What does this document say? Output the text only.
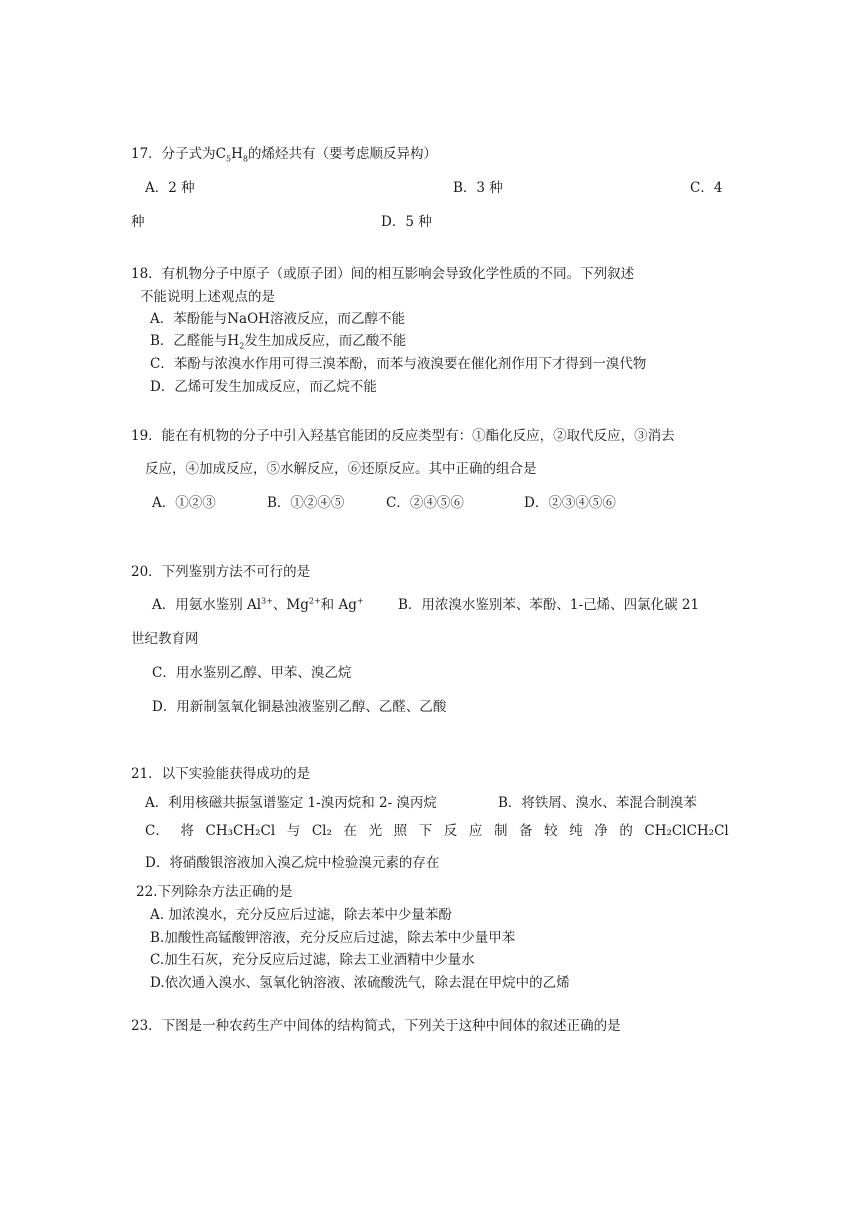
17．分子式为$C_5H_8$的烯烃共有（要考虑顺反异构）
A．2 种	B．3 种	C．4
种	D．5 种
18．有机物分子中原子（或原子团）间的相互影响会导致化学性质的不同。下列叙述
不能说明上述观点的是
A．苯酚能与NaOH溶液反应，而乙醇不能
B．乙醛能与$H_2$发生加成反应，而乙酸不能
C．苯酚与浓溴水作用可得三溴苯酚，而苯与液溴要在催化剂作用下才得到一溴代物
D．乙烯可发生加成反应，而乙烷不能
19．能在有机物的分子中引入羟基官能团的反应类型有：①酯化反应，②取代反应，③消去
反应，④加成反应，⑤水解反应，⑥还原反应。其中正确的组合是
A．①②③	B．①②④⑤	C．②④⑤⑥	D．②③④⑤⑥
20．下列鉴别方法不可行的是
A．用氨水鉴别 $Al^{3+}$、$Mg^{2+}$和 Ag+	B．用浓溴水鉴别苯、苯酚、1-己烯、四氯化碳 21
世纪教育网
C．用水鉴别乙醇、甲苯、溴乙烷
D．用新制氢氧化铜悬浊液鉴别乙醇、乙醛、乙酸
21．以下实验能获得成功的是
A．利用核磁共振氢谱鉴定 1-溴丙烷和 2- 溴丙烷	B．将铁屑、溴水、苯混合制溴苯
C． 将 CH₃CH₂Cl 与 Cl₂ 在 光 照 下 反 应 制 备 较 纯 净 的 CH₂ClCH₂Cl
D．将硝酸银溶液加入溴乙烷中检验溴元素的存在
22.下列除杂方法正确的是
A. 加浓溴水，充分反应后过滤，除去苯中少量苯酚
B.加酸性高锰酸钾溶液，充分反应后过滤，除去苯中少量甲苯
C.加生石灰，充分反应后过滤，除去工业酒精中少量水
D.依次通入溴水、氢氧化钠溶液、浓硫酸洗气，除去混在甲烷中的乙烯
23．下图是一种农药生产中间体的结构简式，下列关于这种中间体的叙述正确的是
